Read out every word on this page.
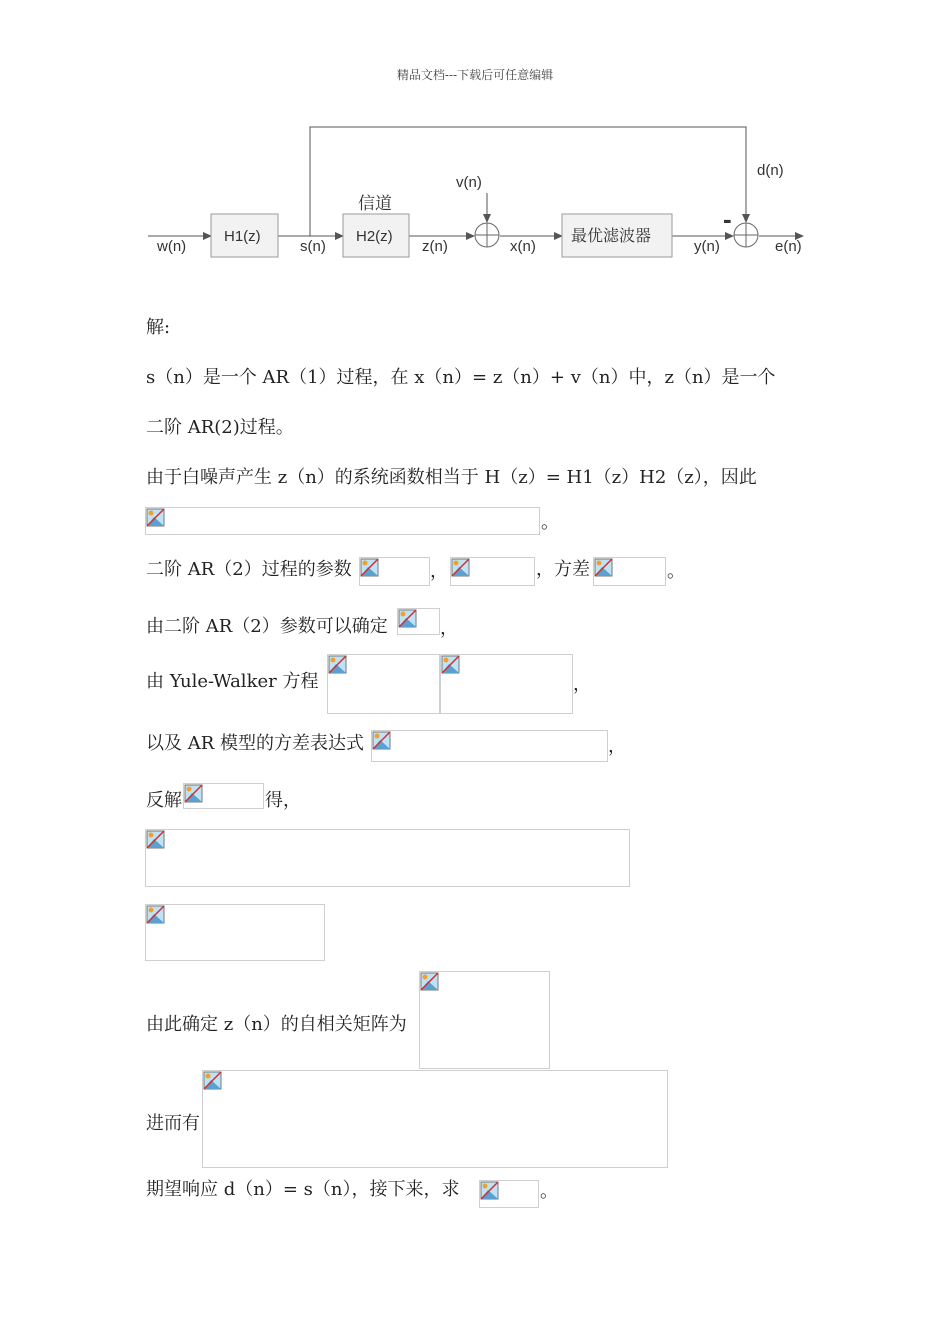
精品文档---下载后可任意编辑
w(n)
H1(z)
s(n)
信道
H2(z)
z(n)
v(n)
x(n)
最优滤波器
y(n)
-
d(n)
e(n)
解:
s（n）是一个 AR（1）过程，在 x（n）= z（n）+ v（n）中，z（n）是一个
二阶 AR(2)过程。
由于白噪声产生 z（n）的系统函数相当于 H（z）= H1（z）H2（z），因此
。
二阶 AR（2）过程的参数	，	，方差	。
由二阶 AR（2）参数可以确定	，
由 Yule-Walker 方程	，
以及 AR 模型的方差表达式	，
反解	得，
由此确定 z（n）的自相关矩阵为
进而有
期望响应 d（n）= s（n），接下来，求	。
